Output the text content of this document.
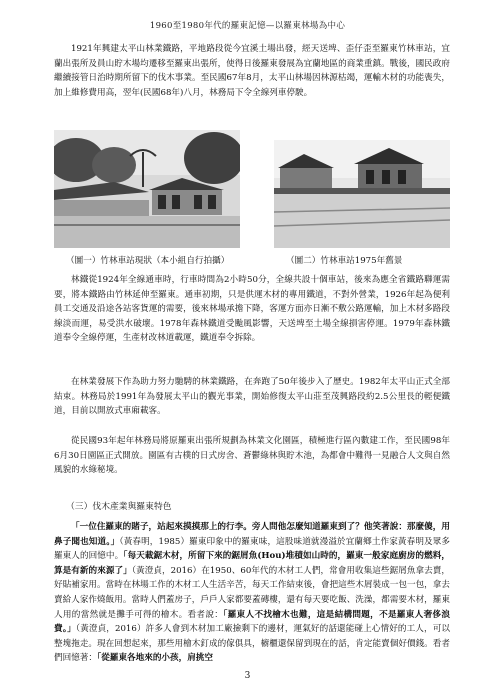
1960至1980年代的羅東記憶—以羅東林場為中心

1921年興建太平山林業鐵路，平地路段從今宜溪土場出發，經天送埤、歪仔歪至羅東竹林車站，宜蘭出張所及員山貯木場均遷移至羅東出張所，使得日後羅東發展為宜蘭地區的商業重鎮。戰後，國民政府繼續接管日治時期所留下的伐木事業。至民國67年8月，太平山林場因林源枯竭，運輸木材的功能喪失，加上維修費用高，翌年(民國68年)八月，林務局下令全線列車停駛。

（圖一）竹林車站現狀（本小組自行拍攝）	（圖二）竹林車站1975年舊景

林鐵從1924年全線通車時，行車時間為2小時50分，全線共設十個車站，後來為應全省鐵路聯運需要，將本鐵路由竹林延伸至羅東。通車初期，只是供運木材的專用鐵道，不對外營業，1926年起為便利員工交通及沿途各站客貨運的需要，後來林場承擔下降，客運方面亦日漸不敷公路運輸，加上木材多路段線淡而運，易受洪水破壞。1978年森林鐵道受颱風影響，天送埤至土場全線損害停運。1979年森林鐵道奉令全線停運，生產材改林道載運，鐵道奉令拆除。

在林業發展下作為助力努力馳騁的林業鐵路，在奔跑了50年後步入了歷史。1982年太平山正式全部結束。林務局於1991年為發展太平山的觀光事業，開始修復太平山莊至茂興路段約2.5公里長的輕便鐵道，目前以開放式車廂載客。

從民國93年起年林務局將原羅東出張所規劃為林業文化園區，積極進行區內數建工作，至民國98年6月30日園區正式開放。園區有古樸的日式房舍、蒼鬱綠林與貯木池，為都會中難得一見融合人文與自然風貌的水綠秘境。

（三）伐木產業與羅東特色

「一位住羅東的賭子，站起來摸摸那上的行李。旁人問他怎麼知道羅東到了？他笑著說：那麼傻，用鼻子聞也知道。」（黃春明，1985）羅東印象中的羅東味，這股味道就漫溢於宜蘭鄉土作家黃春明及眾多羅東人的回憶中。「每天載鋸木材，所留下來的鋸屑魚(Hou)堆積如山時的，羅東一般家庭廚房的燃料，算是有新的來源了」（黃澄貞，2016）在1950、60年代的木材工人們，常會用收集這些鋸屑魚拿去賣，好貼補家用。當時在林場工作的木材工人生活辛苦，每天工作結束後，會把這些木屑裝成一包一包，拿去賣給人家作燒飯用。當時人們蓋房子，戶戶人家都要蓋磚樓，還有每天要吃飯、洗澡，都需要木材，羅東人用的當然就是攤手可得的檜木。看者說：「羅東人不找檜木也難，這是結構問題，不是羅東人奢侈浪費。」（黃澄貞，2016）許多人會到木材加工廠撿剩下的邊材，運氣好的話還能碰上心情好的工人，可以整塊拖走。現在回想起來，那些用檜木釘成的傢俱具，櫥櫃還保留到現在的話，肯定能賣個好價錢。看者們回憶著：「從羅東各地來的小孩，肩挑空

3
